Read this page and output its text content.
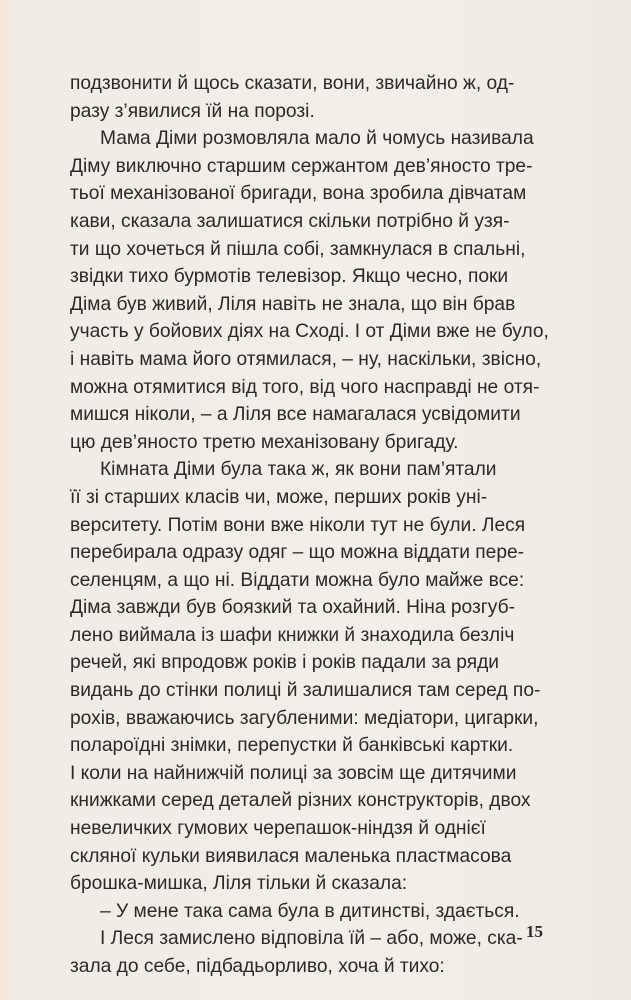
подзвонити й щось сказати, вони, звичайно ж, од-
разу з’явилися їй на порозі.
Мама Діми розмовляла мало й чомусь називала
Діму виключно старшим сержантом дев’яносто тре-
тьої механізованої бригади, вона зробила дівчатам
кави, сказала залишатися скільки потрібно й узя-
ти що хочеться й пішла собі, замкнулася в спальні,
звідки тихо бурмотів телевізор. Якщо чесно, поки
Діма був живий, Ліля навіть не знала, що він брав
участь у бойових діях на Сході. І от Діми вже не було,
і навіть мама його отямилася, – ну, наскільки, звісно,
можна отямитися від того, від чого насправді не отя-
мишся ніколи, – а Ліля все намагалася усвідомити
цю дев’яносто третю механізовану бригаду.
Кімната Діми була така ж, як вони пам’ятали
її зі старших класів чи, може, перших років уні-
верситету. Потім вони вже ніколи тут не були. Леся
перебирала одразу одяг – що можна віддати пере-
селенцям, а що ні. Віддати можна було майже все:
Діма завжди був боязкий та охайний. Ніна розгуб-
лено виймала із шафи книжки й знаходила безліч
речей, які впродовж років і років падали за ряди
видань до стінки полиці й залишалися там серед по-
рохів, вважаючись загубленими: медіатори, цигарки,
полароїдні знімки, перепустки й банківські картки.
І коли на найнижчій полиці за зовсім ще дитячими
книжками серед деталей різних конструкторів, двох
невеличких гумових черепашок-ніндзя й однієї
скляної кульки виявилася маленька пластмасова
брошка-мишка, Ліля тільки й сказала:
– У мене така сама була в дитинстві, здається.
І Леся замислено відповіла їй – або, може, ска-
зала до себе, підбадьорливо, хоча й тихо:
15
